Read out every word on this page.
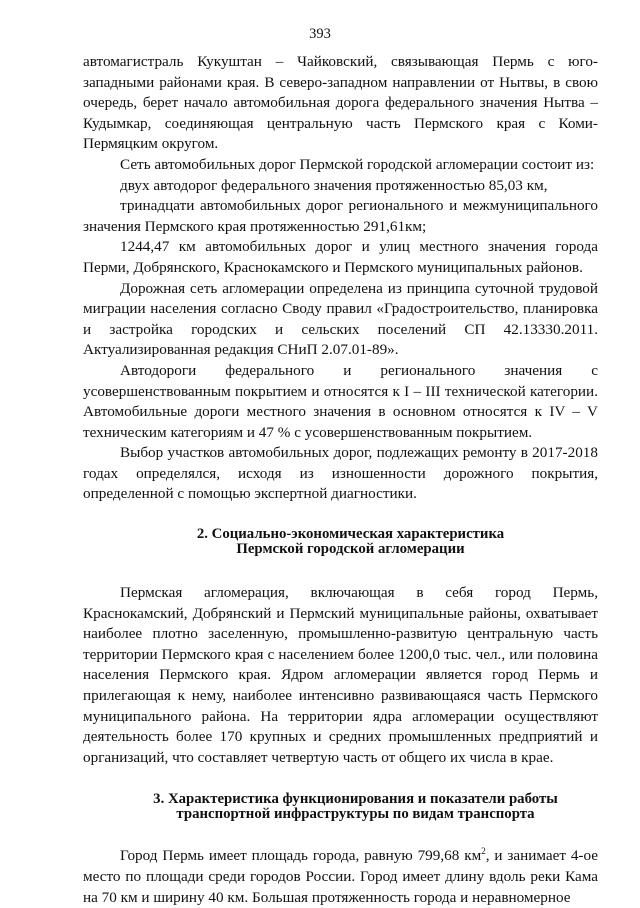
393

автомагистраль Кукуштан – Чайковский, связывающая Пермь с юго-западными районами края. В северо-западном направлении от Нытвы, в свою очередь, берет начало автомобильная дорога федерального значения Нытва – Кудымкар, соединяющая центральную часть Пермского края с Коми-Пермяцким округом.

Сеть автомобильных дорог Пермской городской агломерации состоит из:

двух автодорог федерального значения протяженностью 85,03 км,

тринадцати автомобильных дорог регионального и межмуниципального значения Пермского края протяженностью 291,61км;

1244,47 км автомобильных дорог и улиц местного значения города Перми, Добрянского, Краснокамского и Пермского муниципальных районов.

Дорожная сеть агломерации определена из принципа суточной трудовой миграции населения согласно Своду правил «Градостроительство, планировка и застройка городских и сельских поселений СП 42.13330.2011. Актуализированная редакция СНиП 2.07.01-89».

Автодороги федерального и регионального значения с усовершенствованным покрытием и относятся к I – III технической категории. Автомобильные дороги местного значения в основном относятся к IV – V техническим категориям и 47 % с усовершенствованным покрытием.

Выбор участков автомобильных дорог, подлежащих ремонту в 2017-2018 годах определялся, исходя из изношенности дорожного покрытия, определенной с помощью экспертной диагностики.

2. Социально-экономическая характеристика
Пермской городской агломерации

Пермская агломерация, включающая в себя город Пермь, Краснокамский, Добрянский и Пермский муниципальные районы, охватывает наиболее плотно заселенную, промышленно-развитую центральную часть территории Пермского края с населением более 1200,0 тыс. чел., или половина населения Пермского края. Ядром агломерации является город Пермь и прилегающая к нему, наиболее интенсивно развивающаяся часть Пермского муниципального района. На территории ядра агломерации осуществляют деятельность более 170 крупных и средних промышленных предприятий и организаций, что составляет четвертую часть от общего их числа в крае.

3. Характеристика функционирования и показатели работы
транспортной инфраструктуры по видам транспорта

Город Пермь имеет площадь города, равную 799,68 $км^2$, и занимает 4-ое место по площади среди городов России. Город имеет длину вдоль реки Кама на 70 км и ширину 40 км. Большая протяженность города и неравномерное
